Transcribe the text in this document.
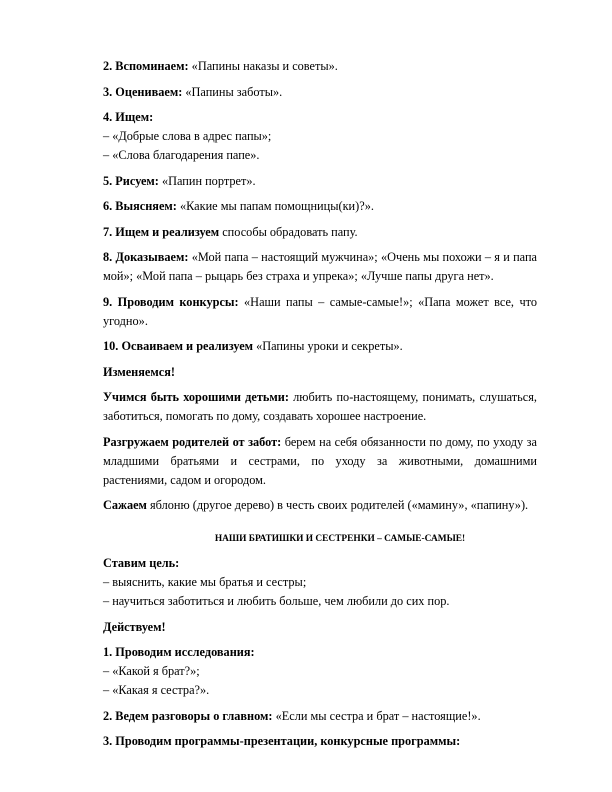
2. Вспоминаем: «Папины наказы и советы».

3. Оцениваем: «Папины заботы».

4. Ищем:

– «Добрые слова в адрес папы»;

– «Слова благодарения папе».

5. Рисуем: «Папин портрет».

6. Выясняем: «Какие мы папам помощницы(ки)?».

7. Ищем и реализуем способы обрадовать папу.

8. Доказываем: «Мой папа – настоящий мужчина»; «Очень мы похожи – я и папа мой»; «Мой папа – рыцарь без страха и упрека»; «Лучше папы друга нет».

9. Проводим конкурсы: «Наши папы – самые-самые!»; «Папа может все, что угодно».

10. Осваиваем и реализуем «Папины уроки и секреты».

Изменяемся!

Учимся быть хорошими детьми: любить по-настоящему, понимать, слушаться, заботиться, помогать по дому, создавать хорошее настроение.

Разгружаем родителей от забот: берем на себя обязанности по дому, по уходу за младшими братьями и сестрами, по уходу за животными, домашними растениями, садом и огородом.

Сажаем яблоню (другое дерево) в честь своих родителей («мамину», «папину»).

НАШИ БРАТИШКИ И СЕСТРЕНКИ – САМЫЕ-САМЫЕ!

Ставим цель:

– выяснить, какие мы братья и сестры;

– научиться заботиться и любить больше, чем любили до сих пор.

Действуем!

1. Проводим исследования:

– «Какой я брат?»;

– «Какая я сестра?».

2. Ведем разговоры о главном: «Если мы сестра и брат – настоящие!».

3. Проводим программы-презентации, конкурсные программы:
